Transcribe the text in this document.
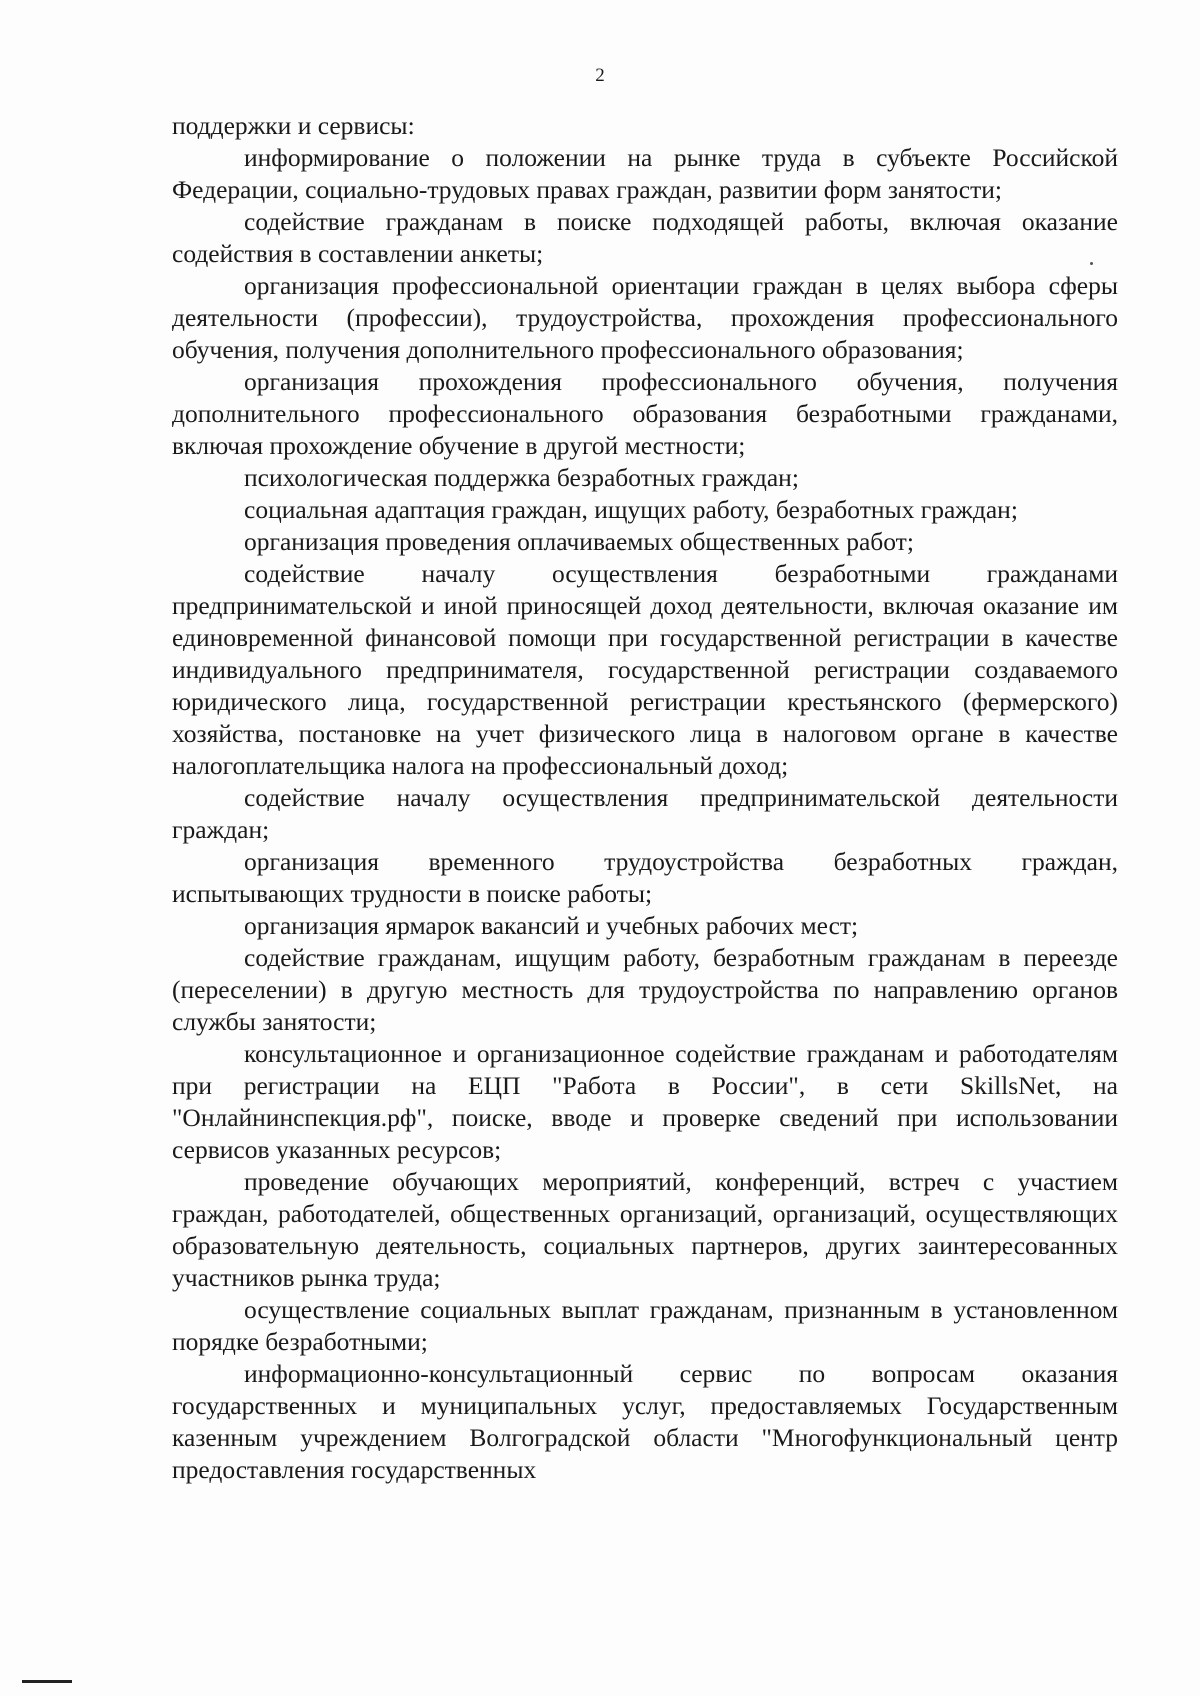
2

поддержки и сервисы:

информирование о положении на рынке труда в субъекте Российской Федерации, социально-трудовых правах граждан, развитии форм занятости;

содействие гражданам в поиске подходящей работы, включая оказание содействия в составлении анкеты;

организация профессиональной ориентации граждан в целях выбора сферы деятельности (профессии), трудоустройства, прохождения профессионального обучения, получения дополнительного профессионального образования;

организация прохождения профессионального обучения, получения дополнительного профессионального образования безработными гражданами, включая прохождение обучение в другой местности;

психологическая поддержка безработных граждан;

социальная адаптация граждан, ищущих работу, безработных граждан;

организация проведения оплачиваемых общественных работ;

содействие началу осуществления безработными гражданами предпринимательской и иной приносящей доход деятельности, включая оказание им единовременной финансовой помощи при государственной регистрации в качестве индивидуального предпринимателя, государственной регистрации создаваемого юридического лица, государственной регистрации крестьянского (фермерского) хозяйства, постановке на учет физического лица в налоговом органе в качестве налогоплательщика налога на профессиональный доход;

содействие началу осуществления предпринимательской деятельности граждан;

организация временного трудоустройства безработных граждан, испытывающих трудности в поиске работы;

организация ярмарок вакансий и учебных рабочих мест;

содействие гражданам, ищущим работу, безработным гражданам в переезде (переселении) в другую местность для трудоустройства по направлению органов службы занятости;

консультационное и организационное содействие гражданам и работодателям при регистрации на ЕЦП "Работа в России", в сети SkillsNet, на "Онлайнинспекция.рф", поиске, вводе и проверке сведений при использовании сервисов указанных ресурсов;

проведение обучающих мероприятий, конференций, встреч с участием граждан, работодателей, общественных организаций, организаций, осуществляющих образовательную деятельность, социальных партнеров, других заинтересованных участников рынка труда;

осуществление социальных выплат гражданам, признанным в установленном порядке безработными;

информационно-консультационный сервис по вопросам оказания государственных и муниципальных услуг, предоставляемых Государственным казенным учреждением Волгоградской области "Многофункциональный центр предоставления государственных
